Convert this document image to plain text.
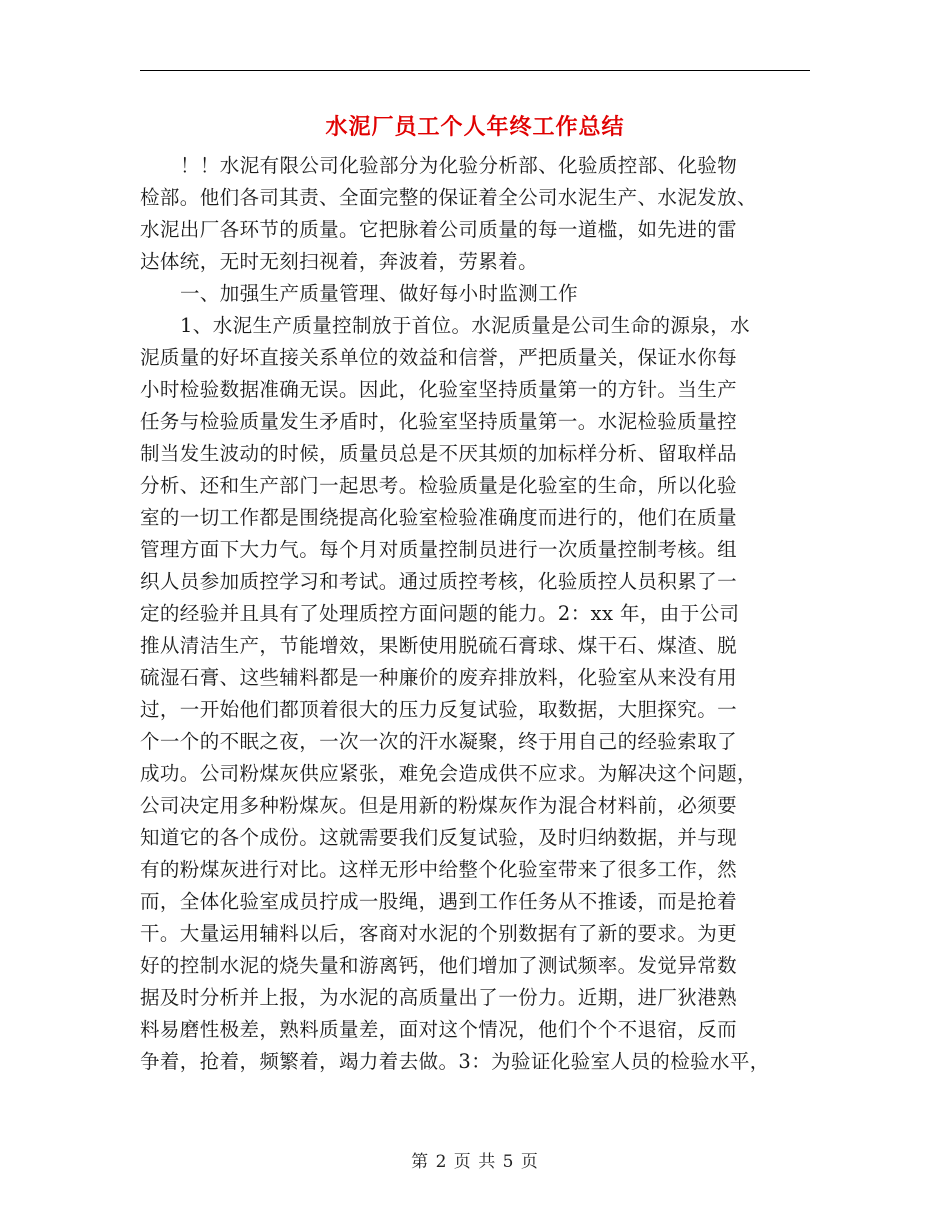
水泥厂员工个人年终工作总结
！！水泥有限公司化验部分为化验分析部、化验质控部、化验物
检部。他们各司其责、全面完整的保证着全公司水泥生产、水泥发放、
水泥出厂各环节的质量。它把脉着公司质量的每一道槛，如先进的雷
达体统，无时无刻扫视着，奔波着，劳累着。
一、加强生产质量管理、做好每小时监测工作
1、水泥生产质量控制放于首位。水泥质量是公司生命的源泉，水
泥质量的好坏直接关系单位的效益和信誉，严把质量关，保证水你每
小时检验数据准确无误。因此，化验室坚持质量第一的方针。当生产
任务与检验质量发生矛盾时，化验室坚持质量第一。水泥检验质量控
制当发生波动的时候，质量员总是不厌其烦的加标样分析、留取样品
分析、还和生产部门一起思考。检验质量是化验室的生命，所以化验
室的一切工作都是围绕提高化验室检验准确度而进行的，他们在质量
管理方面下大力气。每个月对质量控制员进行一次质量控制考核。组
织人员参加质控学习和考试。通过质控考核，化验质控人员积累了一
定的经验并且具有了处理质控方面问题的能力。2：xx 年，由于公司
推从清洁生产，节能增效，果断使用脱硫石膏球、煤干石、煤渣、脱
硫湿石膏、这些辅料都是一种廉价的废弃排放料，化验室从来没有用
过，一开始他们都顶着很大的压力反复试验，取数据，大胆探究。一
个一个的不眠之夜，一次一次的汗水凝聚，终于用自己的经验索取了
成功。公司粉煤灰供应紧张，难免会造成供不应求。为解决这个问题，
公司决定用多种粉煤灰。但是用新的粉煤灰作为混合材料前，必须要
知道它的各个成份。这就需要我们反复试验，及时归纳数据，并与现
有的粉煤灰进行对比。这样无形中给整个化验室带来了很多工作，然
而，全体化验室成员拧成一股绳，遇到工作任务从不推诿，而是抢着
干。大量运用辅料以后，客商对水泥的个别数据有了新的要求。为更
好的控制水泥的烧失量和游离钙，他们增加了测试频率。发觉异常数
据及时分析并上报，为水泥的高质量出了一份力。近期，进厂狄港熟
料易磨性极差，熟料质量差，面对这个情况，他们个个不退宿，反而
争着，抢着，频繁着，竭力着去做。3：为验证化验室人员的检验水平，
第 2 页 共 5 页
